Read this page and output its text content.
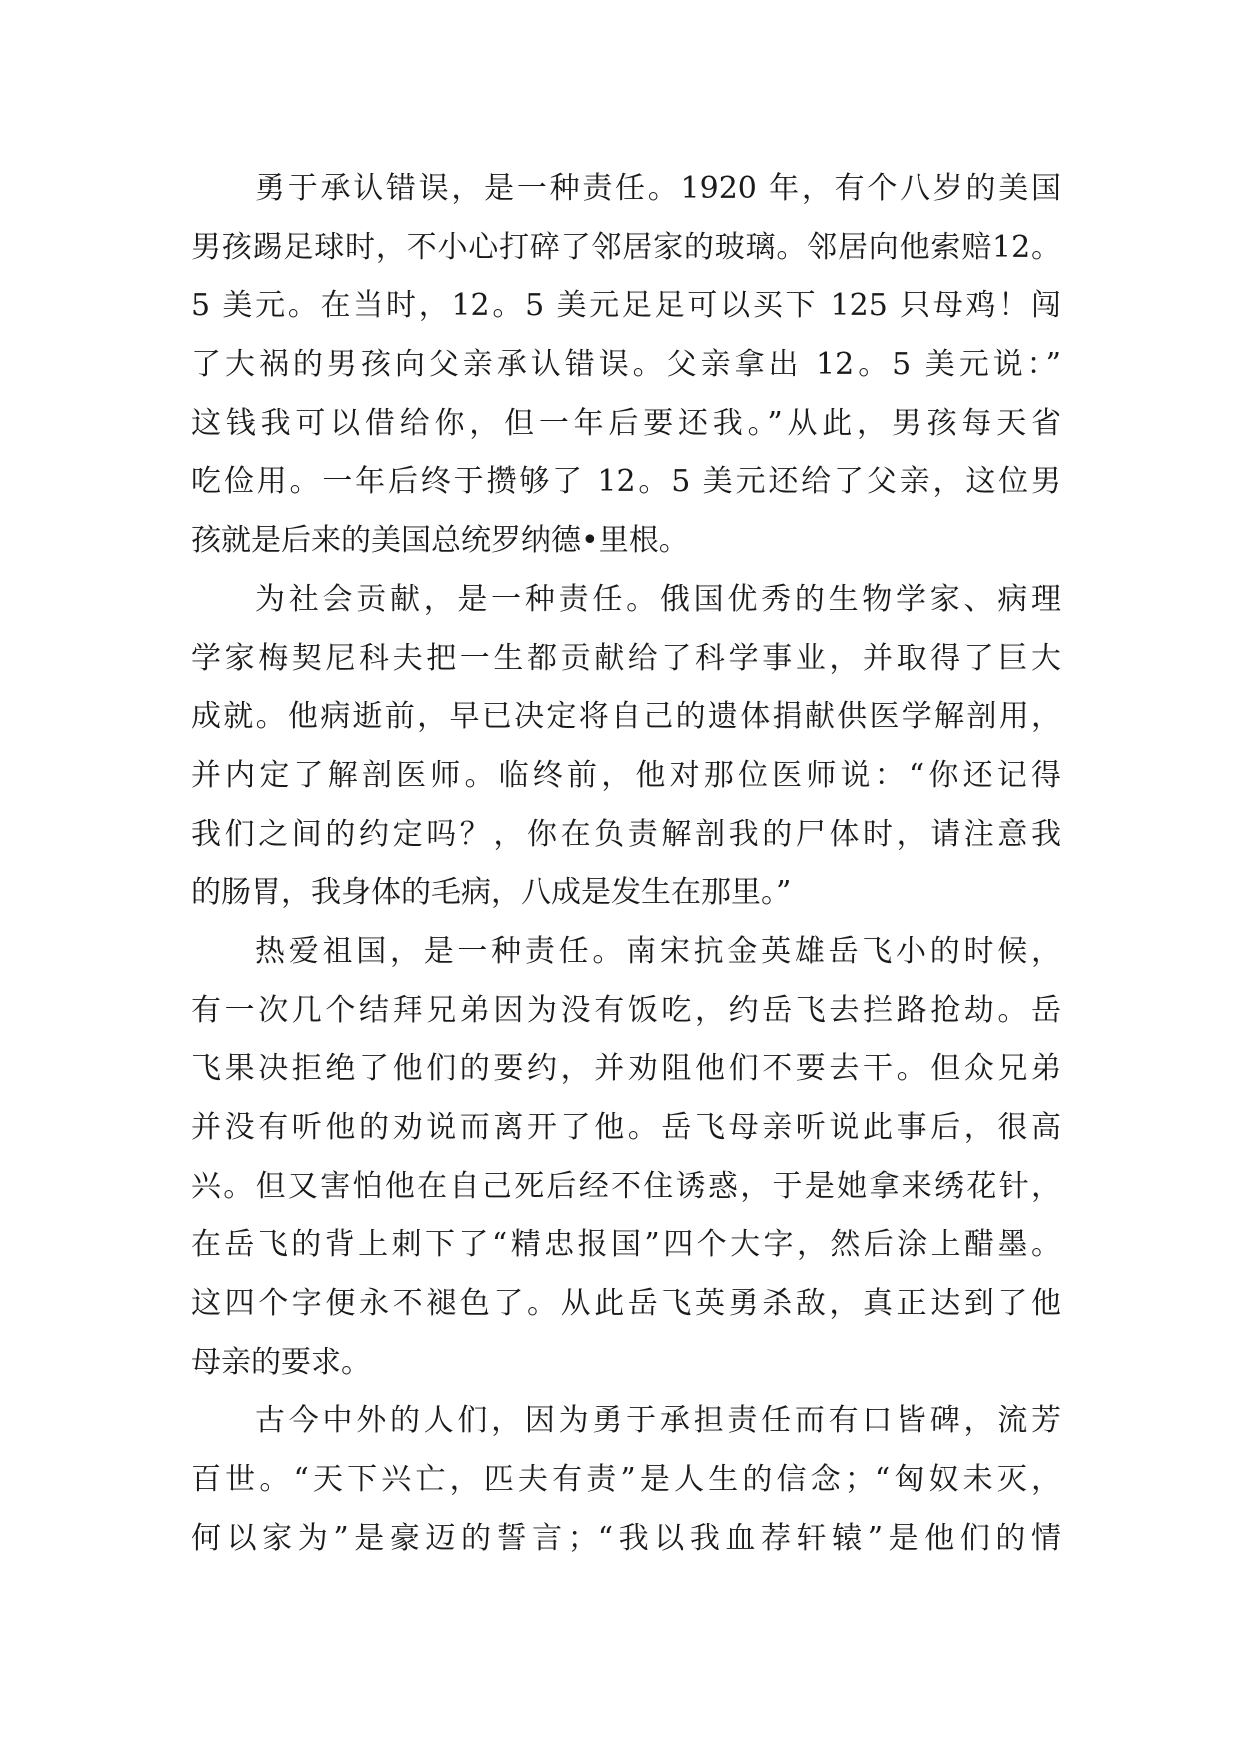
勇于承认错误，是一种责任。1920 年，有个八岁的美国
男孩踢足球时，不小心打碎了邻居家的玻璃。邻居向他索赔12。
5 美元。在当时，12。5 美元足足可以买下 125 只母鸡！闯
了大祸的男孩向父亲承认错误。父亲拿出 12。5 美元说：”
这钱我可以借给你，但一年后要还我。”从此，男孩每天省
吃俭用。一年后终于攒够了 12。5 美元还给了父亲，这位男
孩就是后来的美国总统罗纳德•里根。
为社会贡献，是一种责任。俄国优秀的生物学家、病理
学家梅契尼科夫把一生都贡献给了科学事业，并取得了巨大
成就。他病逝前，早已决定将自己的遗体捐献供医学解剖用，
并内定了解剖医师。临终前，他对那位医师说：“你还记得
我们之间的约定吗？，你在负责解剖我的尸体时，请注意我
的肠胃，我身体的毛病，八成是发生在那里。”
热爱祖国，是一种责任。南宋抗金英雄岳飞小的时候，
有一次几个结拜兄弟因为没有饭吃，约岳飞去拦路抢劫。岳
飞果决拒绝了他们的要约，并劝阻他们不要去干。但众兄弟
并没有听他的劝说而离开了他。岳飞母亲听说此事后，很高
兴。但又害怕他在自己死后经不住诱惑，于是她拿来绣花针，
在岳飞的背上刺下了“精忠报国”四个大字，然后涂上醋墨。
这四个字便永不褪色了。从此岳飞英勇杀敌，真正达到了他
母亲的要求。
古今中外的人们，因为勇于承担责任而有口皆碑，流芳
百世。“天下兴亡，匹夫有责”是人生的信念；“匈奴未灭，
何以家为”是豪迈的誓言；“我以我血荐轩辕”是他们的情
